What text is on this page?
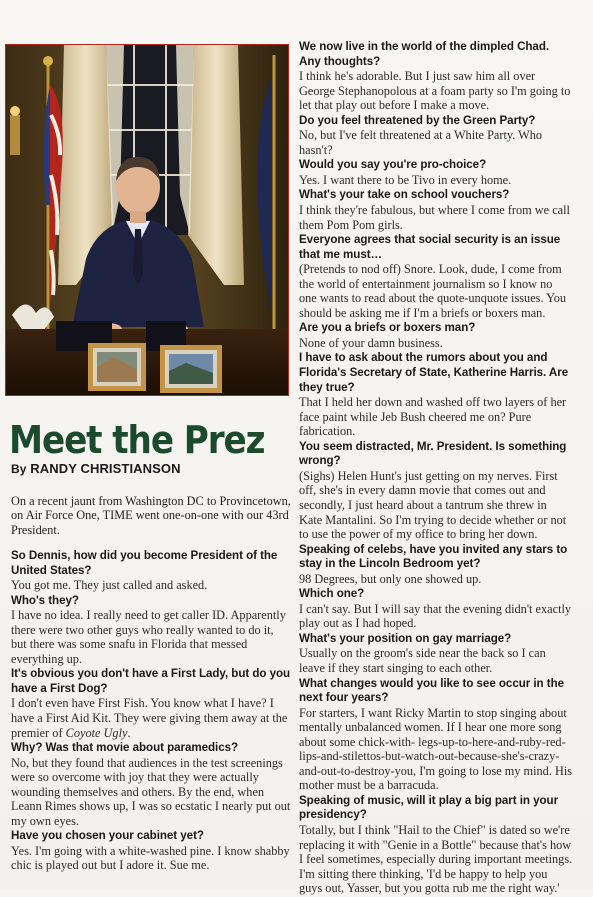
Meet the Prez
By RANDY CHRISTIANSON
On a recent jaunt from Washington DC to Provincetown, on Air Force One, TIME went one-on-one with our 43rd President.

So Dennis, how did you become President of the United States?

You got me. They just called and asked.

Who's they?

I have no idea. I really need to get caller ID. Apparently there were two other guys who really wanted to do it, but there was some snafu in Florida that messed everything up.

It's obvious you don't have a First Lady, but do you have a First Dog?

I don't even have First Fish. You know what I have? I have a First Aid Kit. They were giving them away at the premier of Coyote Ugly.

Why? Was that movie about paramedics?

No, but they found that audiences in the test screenings were so overcome with joy that they were actually wounding themselves and others. By the end, when Leann Rimes shows up, I was so ecstatic I nearly put out my own eyes.

Have you chosen your cabinet yet?

Yes. I'm going with a white-washed pine. I know shabby chic is played out but I adore it. Sue me.

We now live in the world of the dimpled Chad. Any thoughts?

I think he's adorable. But I just saw him all over George Stephanopolous at a foam party so I'm going to let that play out before I make a move.

Do you feel threatened by the Green Party?

No, but I've felt threatened at a White Party. Who hasn't?

Would you say you're pro-choice?

Yes. I want there to be Tivo in every home.

What's your take on school vouchers?

I think they're fabulous, but where I come from we call them Pom Pom girls.

Everyone agrees that social security is an issue that me must…

(Pretends to nod off) Snore. Look, dude, I come from the world of entertainment journalism so I know no one wants to read about the quote-unquote issues. You should be asking me if I'm a briefs or boxers man.

Are you a briefs or boxers man?

None of your damn business.

I have to ask about the rumors about you and Florida's Secretary of State, Katherine Harris. Are they true?

That I held her down and washed off two layers of her face paint while Jeb Bush cheered me on? Pure fabrication.

You seem distracted, Mr. President. Is something wrong?

(Sighs) Helen Hunt's just getting on my nerves. First off, she's in every damn movie that comes out and secondly, I just heard about a tantrum she threw in Kate Mantalini. So I'm trying to decide whether or not to use the power of my office to bring her down.

Speaking of celebs, have you invited any stars to stay in the Lincoln Bedroom yet?

98 Degrees, but only one showed up.

Which one?

I can't say. But I will say that the evening didn't exactly play out as I had hoped.

What's your position on gay marriage?

Usually on the groom's side near the back so I can leave if they start singing to each other.

What changes would you like to see occur in the next four years?

For starters, I want Ricky Martin to stop singing about mentally unbalanced women. If I hear one more song about some chick-with- legs-up-to-here-and-ruby-red-lips-and-stilettos-but-watch-out-because-she's-crazy-and-out-to-destroy-you, I'm going to lose my mind. His mother must be a barracuda.

Speaking of music, will it play a big part in your presidency?

Totally, but I think "Hail to the Chief" is dated so we're replacing it with "Genie in a Bottle" because that's how I feel sometimes, especially during important meetings. I'm sitting there thinking, 'I'd be happy to help you guys out, Yasser, but you gotta rub me the right way.'
